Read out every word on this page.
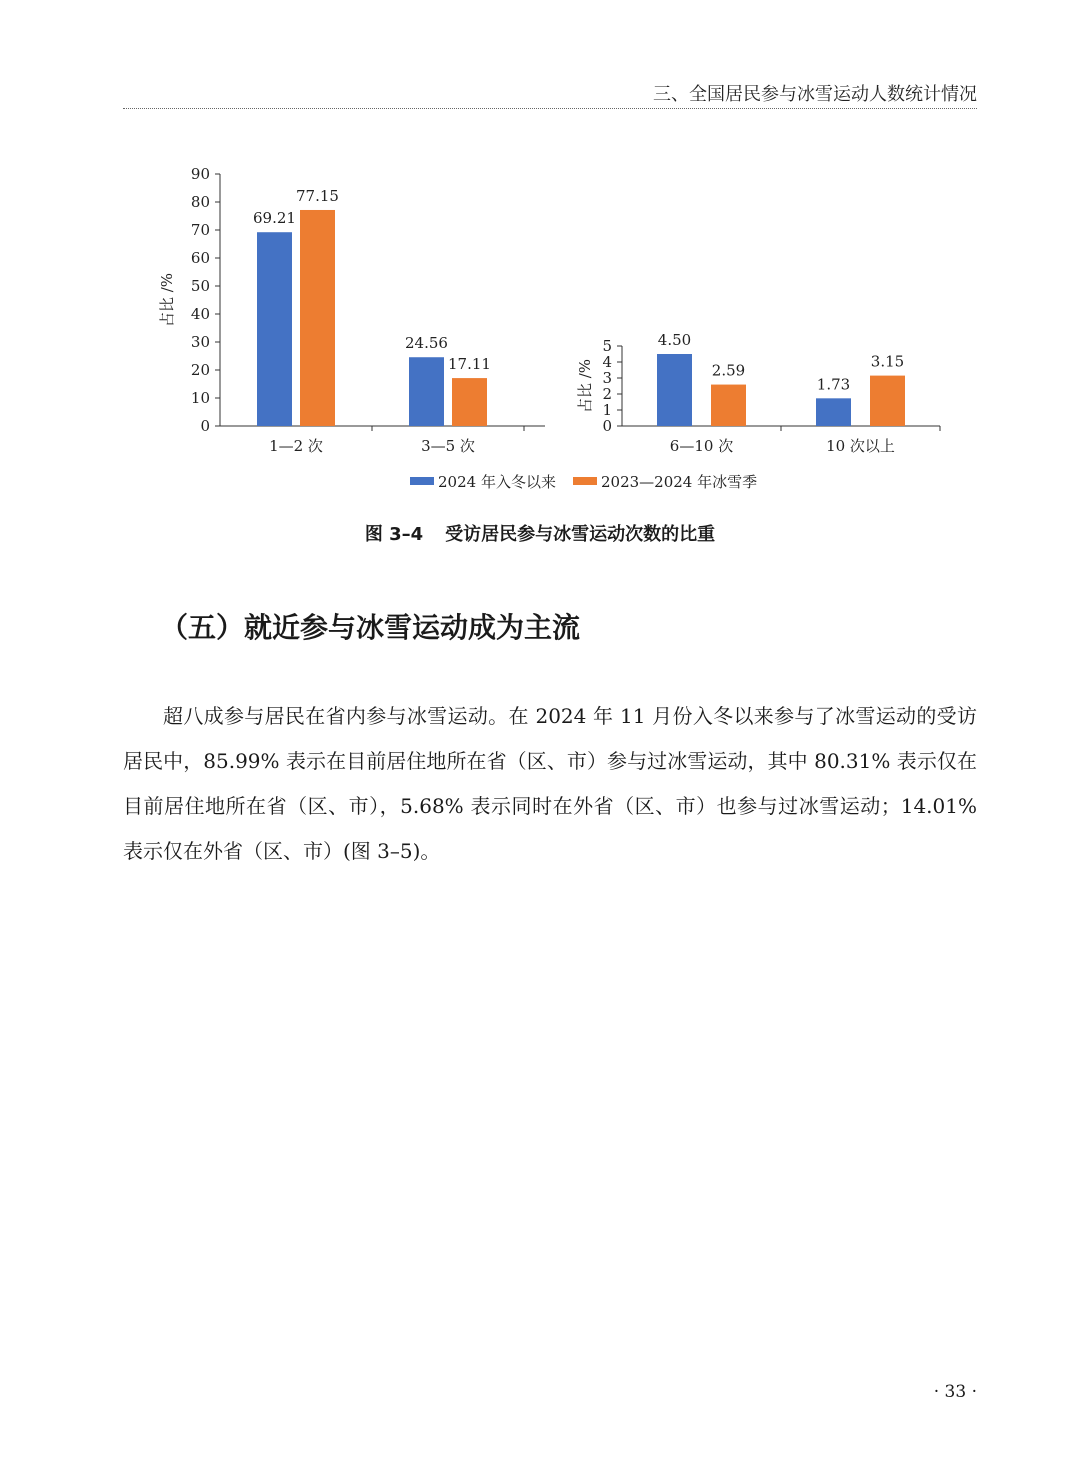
三、全国居民参与冰雪运动人数统计情况
0
10
20
30
40
50
60
70
80
90
占比 /%
69.21
77.15
1—2 次
24.56
17.11
3—5 次
0
1
2
3
4
5
占比 /%
4.50
2.59
6—10 次
1.73
3.15
10 次以上
2024 年入冬以来	2023—2024 年冰雪季
图 3–4 受访居民参与冰雪运动次数的比重
（五）就近参与冰雪运动成为主流

超八成参与居民在省内参与冰雪运动。在 2024 年 11 月份入冬以来参与了冰雪运动的受访居民中，85.99% 表示在目前居住地所在省（区、市）参与过冰雪运动，其中 80.31% 表示仅在目前居住地所在省（区、市），5.68% 表示同时在外省（区、市）也参与过冰雪运动；14.01% 表示仅在外省（区、市）(图 3–5)。

· 33 ·
